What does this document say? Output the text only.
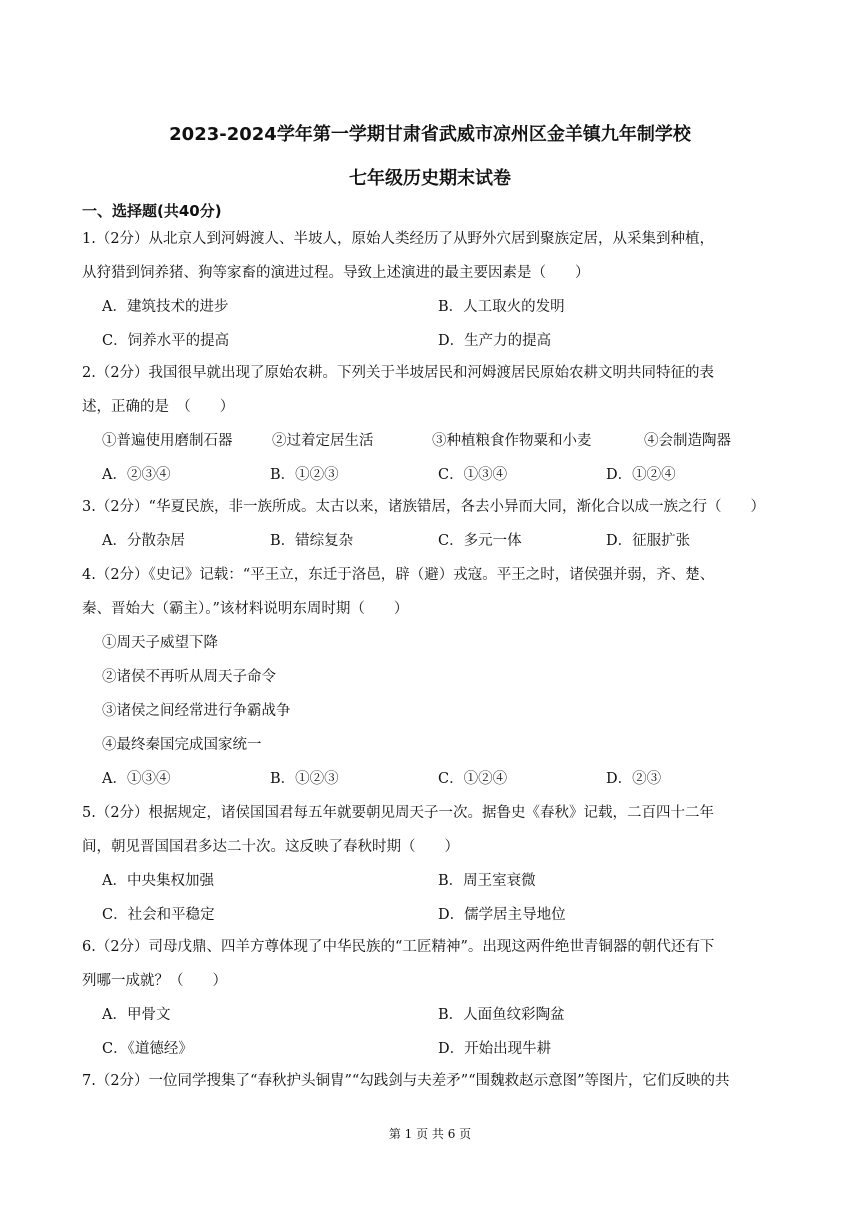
2023-2024学年第一学期甘肃省武威市凉州区金羊镇九年制学校
七年级历史期末试卷
一、选择题(共40分)
1.（2分）从北京人到河姆渡人、半坡人，原始人类经历了从野外穴居到聚族定居，从采集到种植，
从狩猎到饲养猪、狗等家畜的演进过程。导致上述演进的最主要因素是（　　）
A．建筑技术的进步	B．人工取火的发明
C．饲养水平的提高	D．生产力的提高
2.（2分）我国很早就出现了原始农耕。下列关于半坡居民和河姆渡居民原始农耕文明共同特征的表
述，正确的是　（　　）
①普遍使用磨制石器	②过着定居生活	③种植粮食作物粟和小麦	④会制造陶器
A．②③④	B．①②③	C．①③④	D．①②④
3.（2分）“华夏民族，非一族所成。太古以来，诸族错居，各去小异而大同，渐化合以成一族之行（　　）
A．分散杂居	B．错综复杂	C．多元一体	D．征服扩张
4.（2分）《史记》记载：“平王立，东迁于洛邑，辟（避）戎寇。平王之时，诸侯强并弱，齐、楚、
秦、晋始大（霸主）。”该材料说明东周时期（　　）
①周天子威望下降
②诸侯不再听从周天子命令
③诸侯之间经常进行争霸战争
④最终秦国完成国家统一
A．①③④	B．①②③	C．①②④	D．②③
5.（2分）根据规定，诸侯国国君每五年就要朝见周天子一次。据鲁史《春秋》记载，二百四十二年
间，朝见晋国国君多达二十次。这反映了春秋时期（　　）
A．中央集权加强	B．周王室衰微
C．社会和平稳定	D．儒学居主导地位
6.（2分）司母戊鼎、四羊方尊体现了中华民族的“工匠精神”。出现这两件绝世青铜器的朝代还有下
列哪一成就？（　　）
A．甲骨文	B．人面鱼纹彩陶盆
C．《道德经》	D．开始出现牛耕
7.（2分）一位同学搜集了“春秋护头铜胄”“勾践剑与夫差矛”“围魏救赵示意图”等图片，它们反映的共
第 1 页 共 6 页
